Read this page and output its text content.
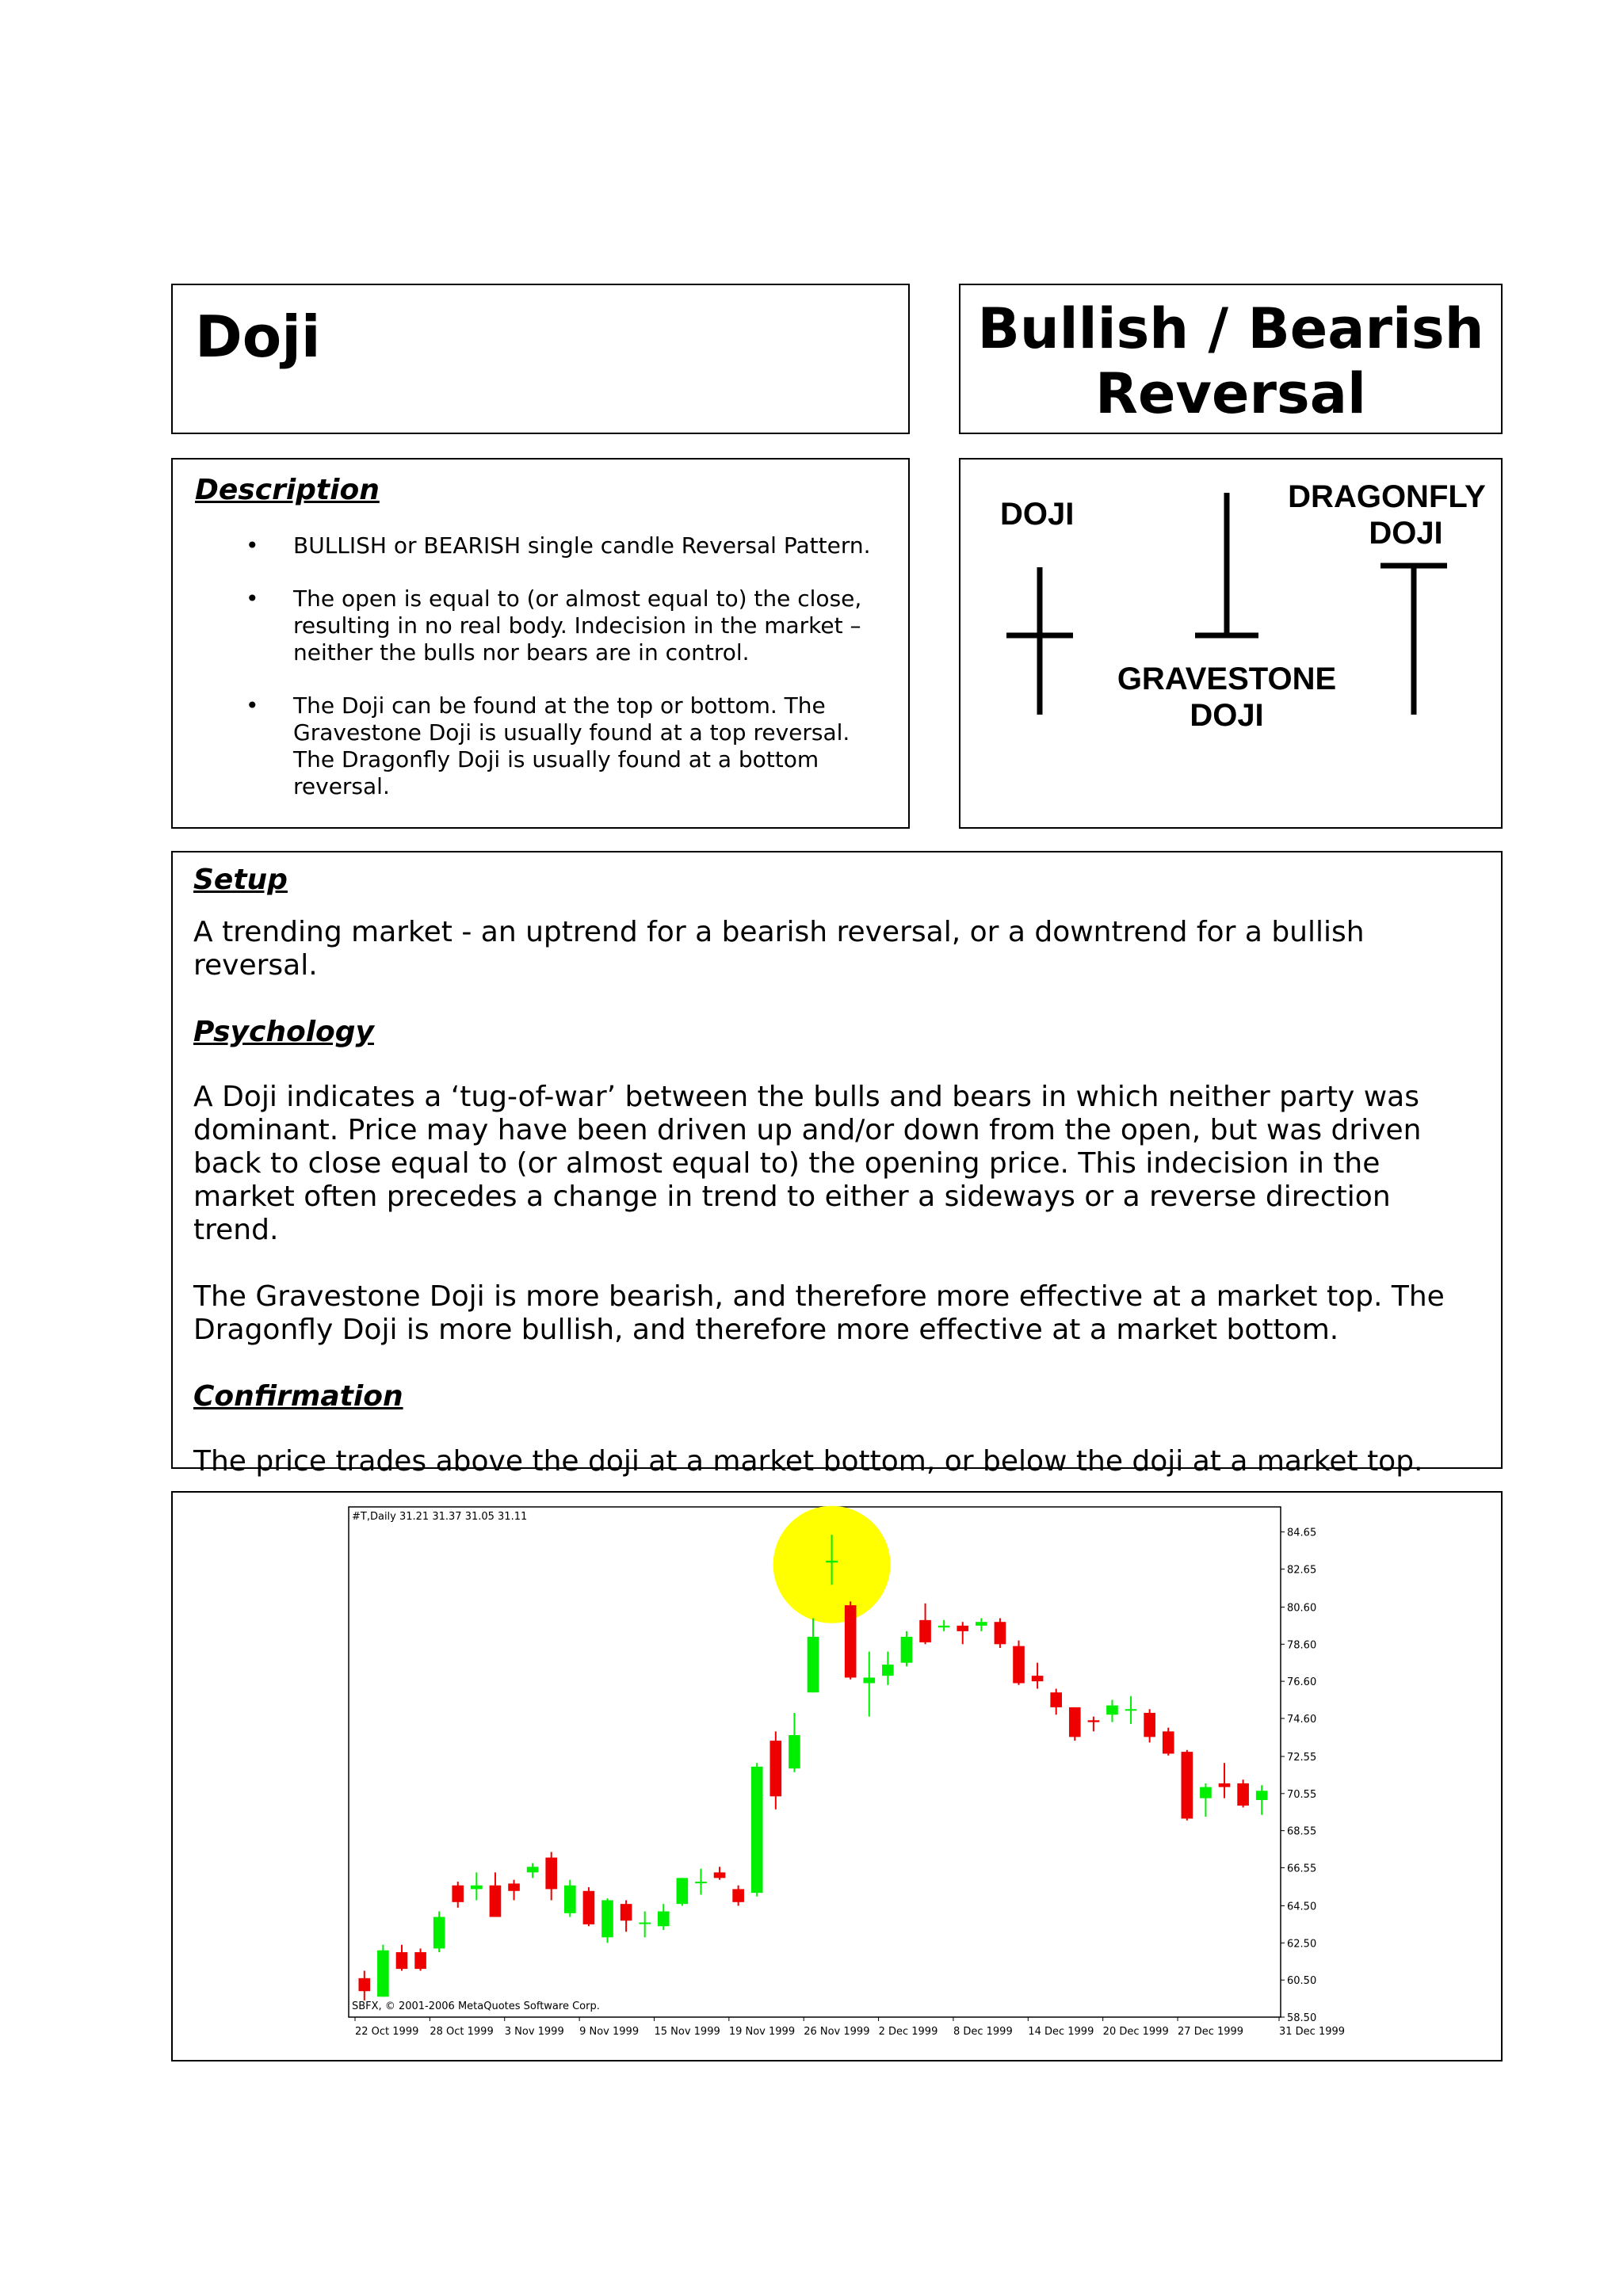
Doji	Bullish / Bearish Reversal
Description
• BULLISH or BEARISH single candle Reversal Pattern.
• The open is equal to (or almost equal to) the close, resulting in no real body. Indecision in the market – neither the bulls nor bears are in control.
• The Doji can be found at the top or bottom. The Gravestone Doji is usually found at a top reversal. The Dragonfly Doji is usually found at a bottom reversal.
DOJI
GRAVESTONE
DOJI
DRAGONFLY
DOJI
Setup

A trending market - an uptrend for a bearish reversal, or a downtrend for a bullish reversal.

Psychology

A Doji indicates a ‘tug-of-war’ between the bulls and bears in which neither party was dominant. Price may have been driven up and/or down from the open, but was driven back to close equal to (or almost equal to) the opening price. This indecision in the market often precedes a change in trend to either a sideways or a reverse direction trend.

The Gravestone Doji is more bearish, and therefore more effective at a market top. The Dragonfly Doji is more bullish, and therefore more effective at a market bottom.

Confirmation

The price trades above the doji at a market bottom, or below the doji at a market top.

84.65
82.65
80.60
78.60
76.60
74.60
72.55
70.55
68.55
66.55
64.50
62.50
60.50
58.50
22 Oct 1999 28 Oct 1999 3 Nov 1999 9 Nov 1999 15 Nov 1999 19 Nov 1999 26 Nov 1999 2 Dec 1999 8 Dec 1999 14 Dec 1999 20 Dec 1999 27 Dec 1999	31 Dec 1999
#T,Daily 31.21 31.37 31.05 31.11
SBFX, © 2001-2006 MetaQuotes Software Corp.
